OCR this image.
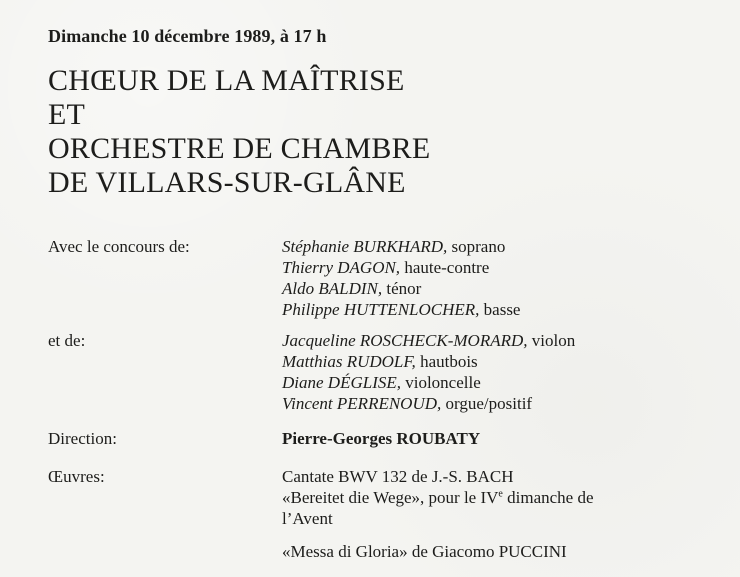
Dimanche 10 décembre 1989, à 17 h
CHŒUR DE LA MAÎTRISE
ET
ORCHESTRE DE CHAMBRE
DE VILLARS-SUR-GLÂNE
Avec le concours de:	Stéphanie BURKHARD, soprano
Thierry DAGON, haute-contre
Aldo BALDIN, ténor
Philippe HUTTENLOCHER, basse
et de:	Jacqueline ROSCHECK-MORARD, violon
Matthias RUDOLF, hautbois
Diane DÉGLISE, violoncelle
Vincent PERRENOUD, orgue/positif
Direction:	Pierre-Georges ROUBATY
Œuvres:	Cantate BWV 132 de J.-S. BACH
«Bereitet die Wege», pour le IVe dimanche de
l’Avent
«Messa di Gloria» de Giacomo PUCCINI
